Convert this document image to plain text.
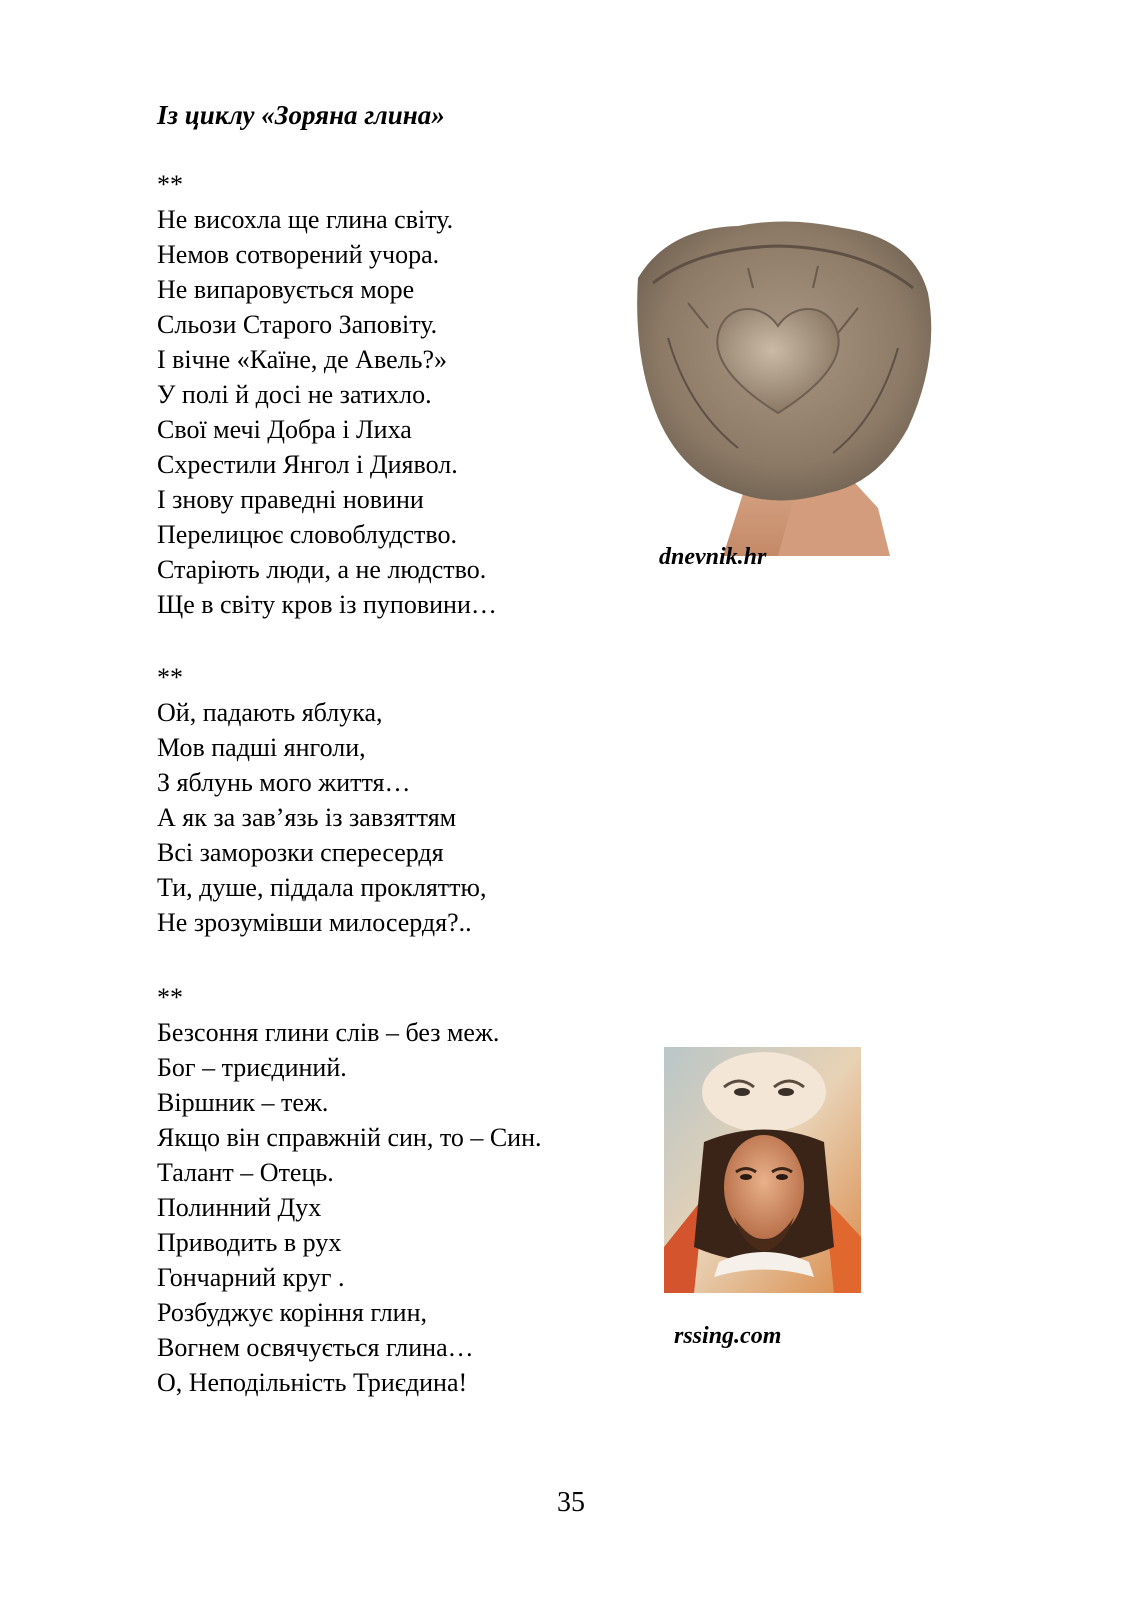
Із циклу «Зоряна глина»
**
Не висохла ще глина світу.
Немов сотворений учора.
Не випаровується море
Сльози Старого Заповіту.
І вічне «Каїне, де Авель?»
У полі й досі не затихло.
Свої мечі Добра і Лиха
Схрестили Янгол і Диявол.
І знову праведні новини
Перелицює словоблудство.
Старіють люди, а не людство.
Ще в світу кров із пуповини…
**
Ой, падають яблука,
Мов падші янголи,
З яблунь мого життя…
А як за зав’язь із завзяттям
Всі заморозки спересердя
Ти, душе, піддала прокляттю,
Не зрозумівши милосердя?..
**
Безсоння глини слів – без меж.
Бог – триєдиний.
Віршник – теж.
Якщо він справжній син, то – Син.
Талант – Отець.
Полинний Дух
Приводить в рух
Гончарний круг .
Розбуджує коріння глин,
Вогнем освячується глина…
О, Неподільність Триєдина!
dnevnik.hr
rssing.com
35
